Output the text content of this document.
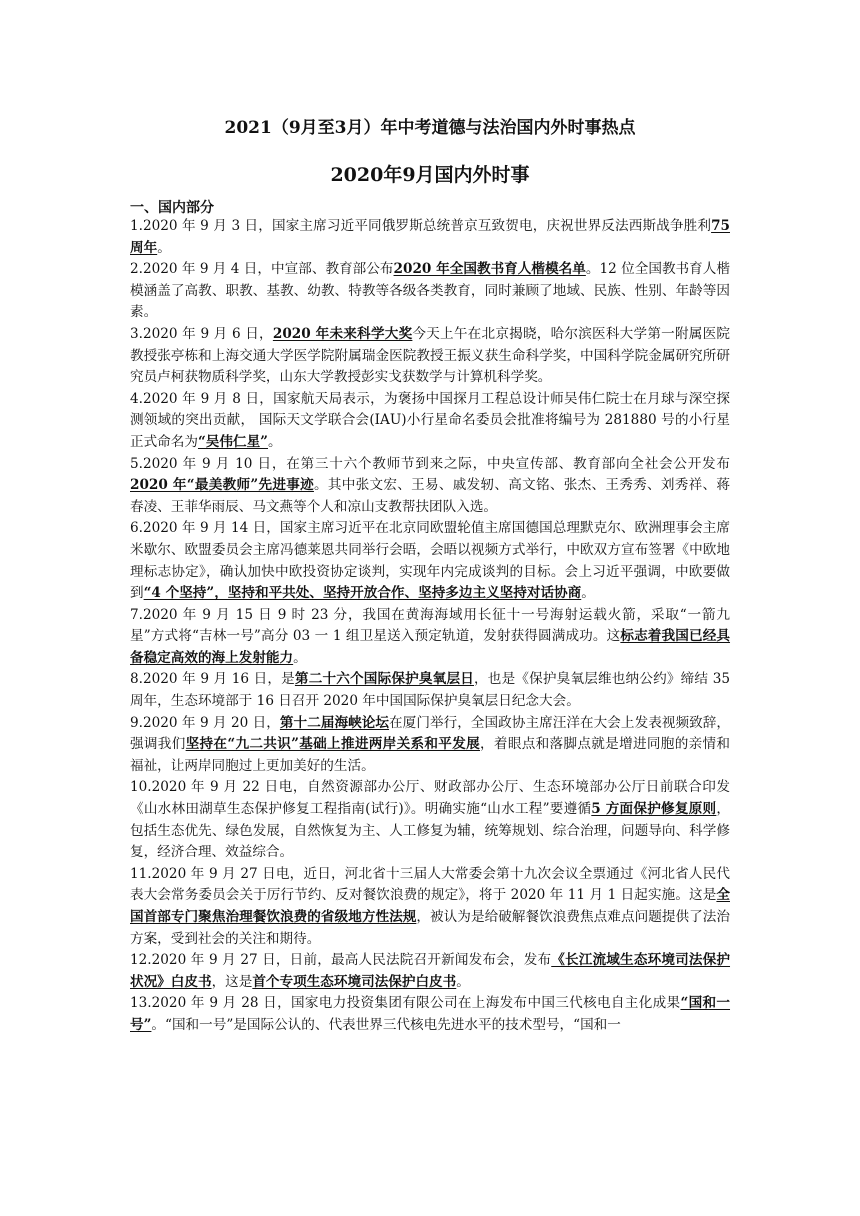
2021（9月至3月）年中考道德与法治国内外时事热点
2020年9月国内外时事
一、国内部分

1.2020 年 9 月 3 日，国家主席习近平同俄罗斯总统普京互致贺电，庆祝世界反法西斯战争胜利75 周年。

2.2020 年 9 月 4 日，中宣部、教育部公布2020 年全国教书育人楷模名单。12 位全国教书育人楷模涵盖了高教、职教、基教、幼教、特教等各级各类教育，同时兼顾了地域、民族、性别、年龄等因素。

3.2020 年 9 月 6 日，2020 年未来科学大奖今天上午在北京揭晓，哈尔滨医科大学第一附属医院教授张亭栋和上海交通大学医学院附属瑞金医院教授王振义获生命科学奖，中国科学院金属研究所研究员卢柯获物质科学奖，山东大学教授彭实戈获数学与计算机科学奖。

4.2020 年 9 月 8 日，国家航天局表示，为褒扬中国探月工程总设计师吴伟仁院士在月球与深空探测领域的突出贡献， 国际天文学联合会(IAU)小行星命名委员会批准将编号为 281880 号的小行星正式命名为“吴伟仁星”。

5.2020 年 9 月 10 日，在第三十六个教师节到来之际，中央宣传部、教育部向全社会公开发布2020 年“最美教师”先进事迹。其中张文宏、王易、戚发轫、高文铭、张杰、王秀秀、刘秀祥、蒋春凌、王菲华雨辰、马文燕等个人和凉山支教帮扶团队入选。

6.2020 年 9 月 14 日，国家主席习近平在北京同欧盟轮值主席国德国总理默克尔、欧洲理事会主席米歇尔、欧盟委员会主席冯德莱恩共同举行会晤，会晤以视频方式举行，中欧双方宣布签署《中欧地理标志协定》，确认加快中欧投资协定谈判，实现年内完成谈判的目标。会上习近平强调，中欧要做到“4 个坚持”，坚持和平共处、坚持开放合作、坚持多边主义坚持对话协商。

7.2020 年 9 月 15 日 9 时 23 分，我国在黄海海域用长征十一号海射运载火箭，采取“一箭九星”方式将“吉林一号”高分 03 一 1 组卫星送入预定轨道，发射获得圆满成功。这标志着我国已经具备稳定高效的海上发射能力。

8.2020 年 9 月 16 日，是第二十六个国际保护臭氧层日，也是《保护臭氧层维也纳公约》缔结 35 周年，生态环境部于 16 日召开 2020 年中国国际保护臭氧层日纪念大会。

9.2020 年 9 月 20 日，第十二届海峡论坛在厦门举行，全国政协主席汪洋在大会上发表视频致辞，强调我们坚持在“九二共识”基础上推进两岸关系和平发展，着眼点和落脚点就是增进同胞的亲情和福祉，让两岸同胞过上更加美好的生活。

10.2020 年 9 月 22 日电，自然资源部办公厅、财政部办公厅、生态环境部办公厅日前联合印发《山水林田湖草生态保护修复工程指南(试行)》。明确实施“山水工程”要遵循5 方面保护修复原则，包括生态优先、绿色发展，自然恢复为主、人工修复为辅，统筹规划、综合治理，问题导向、科学修复，经济合理、效益综合。

11.2020 年 9 月 27 日电，近日，河北省十三届人大常委会第十九次会议全票通过《河北省人民代表大会常务委员会关于厉行节约、反对餐饮浪费的规定》，将于 2020 年 11 月 1 日起实施。这是全国首部专门聚焦治理餐饮浪费的省级地方性法规，被认为是给破解餐饮浪费焦点难点问题提供了法治方案，受到社会的关注和期待。

12.2020 年 9 月 27 日，日前，最高人民法院召开新闻发布会，发布《长江流域生态环境司法保护状况》白皮书，这是首个专项生态环境司法保护白皮书。

13.2020 年 9 月 28 日，国家电力投资集团有限公司在上海发布中国三代核电自主化成果“国和一号”。“国和一号”是国际公认的、代表世界三代核电先进水平的技术型号，“国和一
